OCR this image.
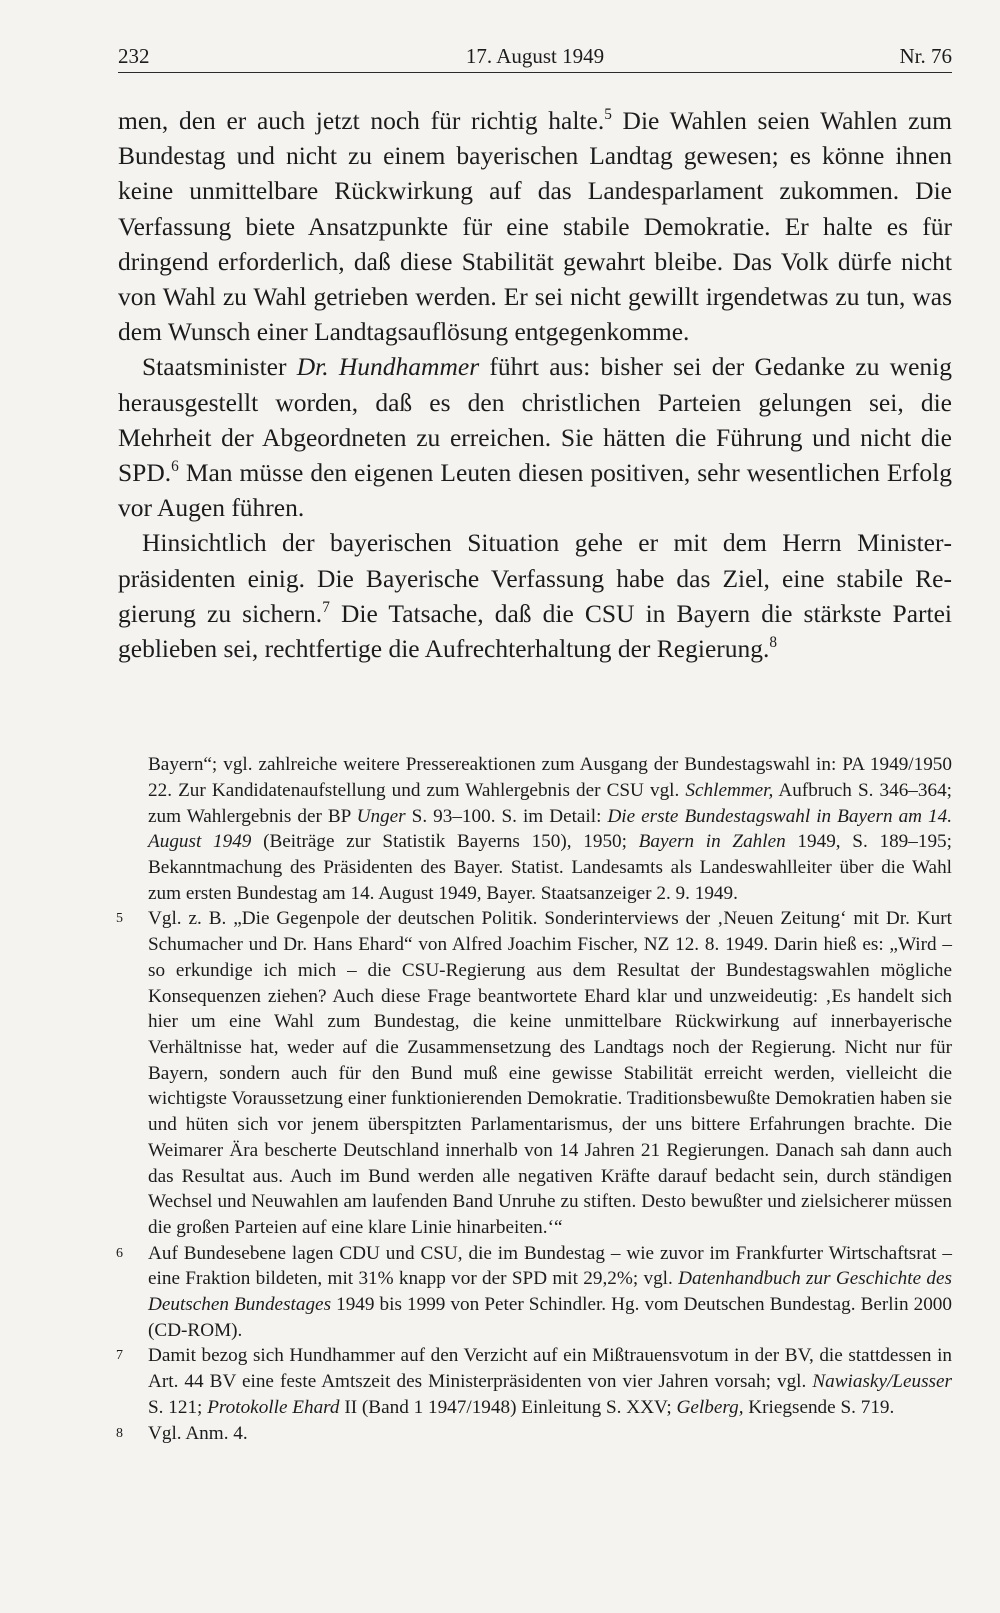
232	17. August 1949	Nr. 76

men, den er auch jetzt noch für richtig halte.$^5$ Die Wahlen seien Wahlen zum Bundestag und nicht zu einem bayerischen Landtag gewesen; es könne ihnen keine unmittelbare Rückwirkung auf das Landesparlament zukommen. Die Verfassung biete Ansatzpunkte für eine stabile Demokratie. Er halte es für dringend erforderlich, daß diese Stabilität gewahrt bleibe. Das Volk dürfe nicht von Wahl zu Wahl getrieben werden. Er sei nicht gewillt irgendetwas zu tun, was dem Wunsch einer Landtagsauflösung entgegenkomme.

Staatsminister Dr. Hundhammer führt aus: bisher sei der Gedanke zu wenig herausgestellt worden, daß es den christlichen Parteien gelungen sei, die Mehrheit der Abgeordneten zu erreichen. Sie hätten die Führung und nicht die SPD.$^6$ Man müsse den eigenen Leuten diesen positiven, sehr wesentlichen Erfolg vor Augen führen.

Hinsichtlich der bayerischen Situation gehe er mit dem Herrn Ministerpräsidenten einig. Die Bayerische Verfassung habe das Ziel, eine stabile Regierung zu sichern.$^7$ Die Tatsache, daß die CSU in Bayern die stärkste Partei geblieben sei, rechtfertige die Aufrechterhaltung der Regierung.$^8$

Bayern“; vgl. zahlreiche weitere Pressereaktionen zum Ausgang der Bundestagswahl in: PA 1949/1950 22. Zur Kandidatenaufstellung und zum Wahlergebnis der CSU vgl. Schlemmer, Aufbruch S. 346–364; zum Wahlergebnis der BP Unger S. 93–100. S. im Detail: Die erste Bundestagswahl in Bayern am 14. August 1949 (Beiträge zur Statistik Bayerns 150), 1950; Bayern in Zahlen 1949, S. 189–195; Bekanntmachung des Präsidenten des Bayer. Statist. Landesamts als Landeswahlleiter über die Wahl zum ersten Bundestag am 14. August 1949, Bayer. Staatsanzeiger 2. 9. 1949.

5 Vgl. z. B. „Die Gegenpole der deutschen Politik. Sonderinterviews der ‚Neuen Zeitung‘ mit Dr. Kurt Schumacher und Dr. Hans Ehard“ von Alfred Joachim Fischer, NZ 12. 8. 1949. Darin hieß es: „Wird – so erkundige ich mich – die CSU-Regierung aus dem Resultat der Bundestagswahlen mögliche Konsequenzen ziehen? Auch diese Frage beantwortete Ehard klar und unzweideutig: ‚Es handelt sich hier um eine Wahl zum Bundestag, die keine unmittelbare Rückwirkung auf innerbayerische Verhältnisse hat, weder auf die Zusammensetzung des Landtags noch der Regierung. Nicht nur für Bayern, sondern auch für den Bund muß eine gewisse Stabilität erreicht werden, vielleicht die wichtigste Voraussetzung einer funktionierenden Demokratie. Traditionsbewußte Demokratien haben sie und hüten sich vor jenem überspitzten Parlamentarismus, der uns bittere Erfahrungen brachte. Die Weimarer Ära bescherte Deutschland innerhalb von 14 Jahren 21 Regierungen. Danach sah dann auch das Resultat aus. Auch im Bund werden alle negativen Kräfte darauf bedacht sein, durch ständigen Wechsel und Neuwahlen am laufenden Band Unruhe zu stiften. Desto bewußter und zielsicherer müssen die großen Parteien auf eine klare Linie hinarbeiten.‘“

6 Auf Bundesebene lagen CDU und CSU, die im Bundestag – wie zuvor im Frankfurter Wirtschaftsrat – eine Fraktion bildeten, mit 31% knapp vor der SPD mit 29,2%; vgl. Datenhandbuch zur Geschichte des Deutschen Bundestages 1949 bis 1999 von Peter Schindler. Hg. vom Deutschen Bundestag. Berlin 2000 (CD-ROM).

7 Damit bezog sich Hundhammer auf den Verzicht auf ein Mißtrauensvotum in der BV, die stattdessen in Art. 44 BV eine feste Amtszeit des Ministerpräsidenten von vier Jahren vorsah; vgl. Nawiasky/Leusser S. 121; Protokolle Ehard II (Band 1 1947/1948) Einleitung S. XXV; Gelberg, Kriegsende S. 719.

8 Vgl. Anm. 4.
